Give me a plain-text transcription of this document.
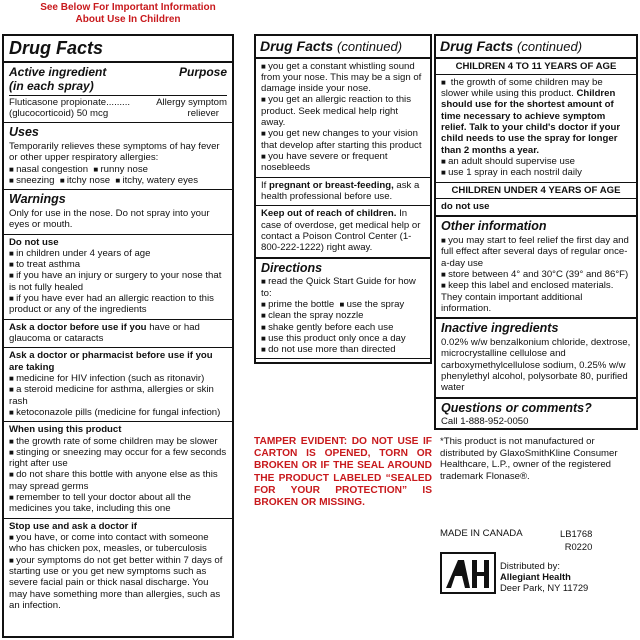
See Below For Important Information About Use In Children
Drug Facts
Active ingredient	Purpose
(in each spray)
Fluticasone propionate.........	Allergy symptom
(glucocorticoid) 50 mcg	reliever
Uses
Temporarily relieves these symptoms of hay fever or other upper respiratory allergies:
■ nasal congestion ■ runny nose
■ sneezing ■ itchy nose ■ itchy, watery eyes
Warnings
Only for use in the nose. Do not spray into your eyes or mouth.
Do not use
■ in children under 4 years of age
■ to treat asthma
■ if you have an injury or surgery to your nose that is not fully healed
■ if you have ever had an allergic reaction to this product or any of the ingredients
Ask a doctor before use if you have or had glaucoma or cataracts
Ask a doctor or pharmacist before use if you are taking
■ medicine for HIV infection (such as ritonavir)
■ a steroid medicine for asthma, allergies or skin rash
■ ketoconazole pills (medicine for fungal infection)
When using this product
■ the growth rate of some children may be slower
■ stinging or sneezing may occur for a few seconds right after use
■ do not share this bottle with anyone else as this may spread germs
■ remember to tell your doctor about all the medicines you take, including this one
Stop use and ask a doctor if
■ you have, or come into contact with someone who has chicken pox, measles, or tuberculosis
■ your symptoms do not get better within 7 days of starting use or you get new symptoms such as severe facial pain or thick nasal discharge. You may have something more than allergies, such as an infection.
Drug Facts (continued)
■ you get a constant whistling sound from your nose. This may be a sign of damage inside your nose.
■ you get an allergic reaction to this product. Seek medical help right away.
■ you get new changes to your vision that develop after starting this product
■ you have severe or frequent nosebleeds
If pregnant or breast-feeding, ask a health professional before use.
Keep out of reach of children. In case of overdose, get medical help or contact a Poison Control Center (1-800-222-1222) right away.
Directions
■ read the Quick Start Guide for how to:
■ prime the bottle ■ use the spray  ■ clean the spray nozzle
■ shake gently before each use
■ use this product only once a day
■ do not use more than directed
Drug Facts (continued)
CHILDREN 4 TO 11 YEARS OF AGE
■ the growth of some children may be slower while using this product. Children should use for the shortest amount of time necessary to achieve symptom relief. Talk to your child's doctor if your child needs to use the spray for longer than 2 months a year.
■ an adult should supervise use
■ use 1 spray in each nostril daily
CHILDREN UNDER 4 YEARS OF AGE
do not use
Other information
■ you may start to feel relief the first day and full effect after several days of regular once-a-day use
■ store between 4° and 30°C (39° and 86°F)
■ keep this label and enclosed materials. They contain important additional information.
Inactive ingredients
0.02% w/w benzalkonium chloride, dextrose, microcrystalline cellulose and carboxymethylcellulose sodium, 0.25% w/w phenylethyl alcohol, polysorbate 80, purified water
Questions or comments?
Call 1-888-952-0050
TAMPER EVIDENT: DO NOT USE IF CARTON IS OPENED, TORN OR BROKEN OR IF THE SEAL AROUND THE PRODUCT LABELED “SEALED FOR YOUR PROTECTION” IS BROKEN OR MISSING.
*This product is not manufactured or distributed by GlaxoSmithKline Consumer Healthcare, L.P., owner of the registered trademark Flonase®.
MADE IN CANADA	LB1768
R0220
Distributed by:
Allegiant Health
Deer Park, NY 11729
